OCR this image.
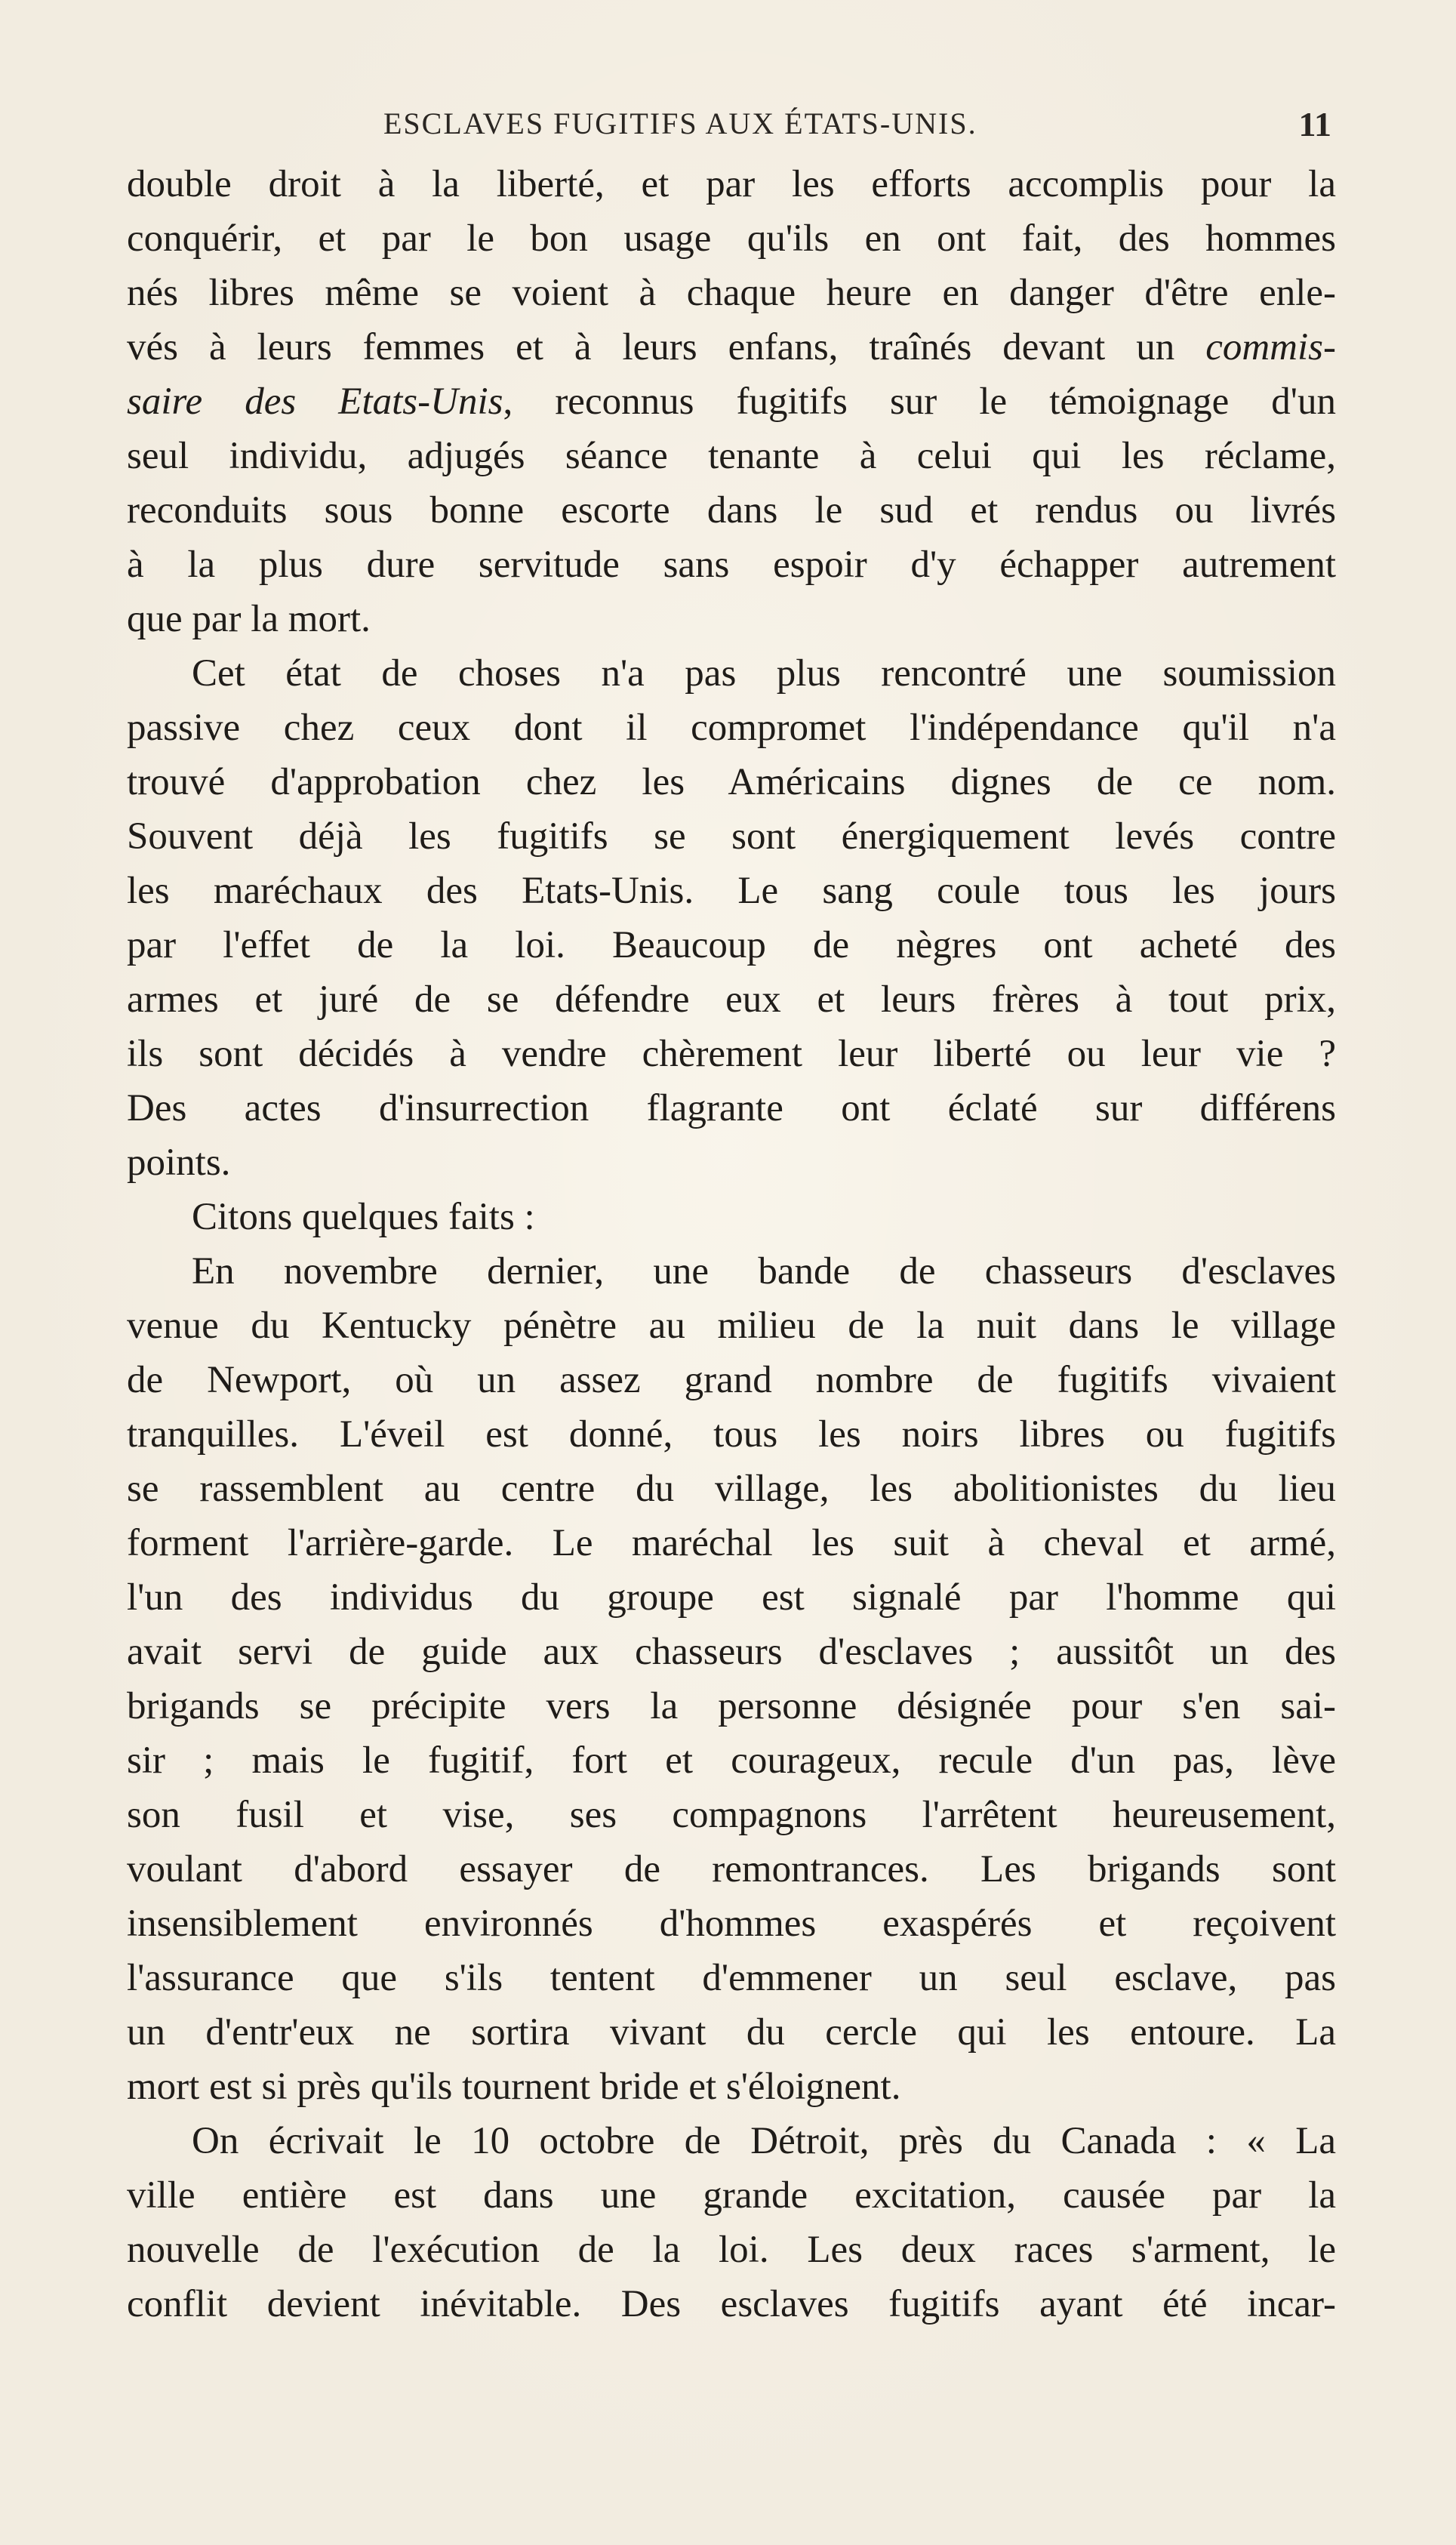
ESCLAVES FUGITIFS AUX ÉTATS-UNIS.	11
double droit à la liberté, et par les efforts accomplis pour la
conquérir, et par le bon usage qu'ils en ont fait, des hommes
nés libres même se voient à chaque heure en danger d'être enle-
vés à leurs femmes et à leurs enfans, traînés devant un commis-
saire des Etats-Unis, reconnus fugitifs sur le témoignage d'un
seul individu, adjugés séance tenante à celui qui les réclame,
reconduits sous bonne escorte dans le sud et rendus ou livrés
à la plus dure servitude sans espoir d'y échapper autrement
que par la mort.
Cet état de choses n'a pas plus rencontré une soumission
passive chez ceux dont il compromet l'indépendance qu'il n'a
trouvé d'approbation chez les Américains dignes de ce nom.
Souvent déjà les fugitifs se sont énergiquement levés contre
les maréchaux des Etats-Unis. Le sang coule tous les jours
par l'effet de la loi. Beaucoup de nègres ont acheté des
armes et juré de se défendre eux et leurs frères à tout prix,
ils sont décidés à vendre chèrement leur liberté ou leur vie ?
Des actes d'insurrection flagrante ont éclaté sur différens
points.
Citons quelques faits :
En novembre dernier, une bande de chasseurs d'esclaves
venue du Kentucky pénètre au milieu de la nuit dans le village
de Newport, où un assez grand nombre de fugitifs vivaient
tranquilles. L'éveil est donné, tous les noirs libres ou fugitifs
se rassemblent au centre du village, les abolitionistes du lieu
forment l'arrière-garde. Le maréchal les suit à cheval et armé,
l'un des individus du groupe est signalé par l'homme qui
avait servi de guide aux chasseurs d'esclaves ; aussitôt un des
brigands se précipite vers la personne désignée pour s'en sai-
sir ; mais le fugitif, fort et courageux, recule d'un pas, lève
son fusil et vise, ses compagnons l'arrêtent heureusement,
voulant d'abord essayer de remontrances. Les brigands sont
insensiblement environnés d'hommes exaspérés et reçoivent
l'assurance que s'ils tentent d'emmener un seul esclave, pas
un d'entr'eux ne sortira vivant du cercle qui les entoure. La
mort est si près qu'ils tournent bride et s'éloignent.
On écrivait le 10 octobre de Détroit, près du Canada : « La
ville entière est dans une grande excitation, causée par la
nouvelle de l'exécution de la loi. Les deux races s'arment, le
conflit devient inévitable. Des esclaves fugitifs ayant été incar-
